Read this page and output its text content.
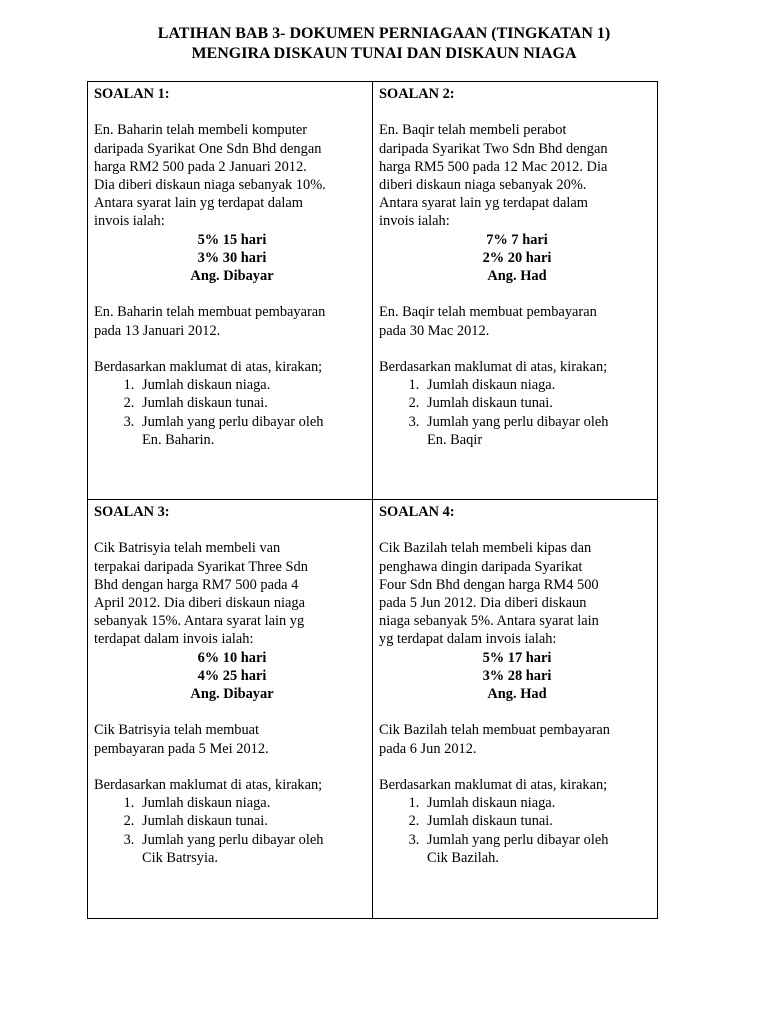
LATIHAN BAB 3- DOKUMEN PERNIAGAAN (TINGKATAN 1)
MENGIRA DISKAUN TUNAI DAN DISKAUN NIAGA
SOALAN 1:
En. Baharin telah membeli komputer
daripada Syarikat One Sdn Bhd dengan
harga RM2 500 pada 2 Januari 2012.
Dia diberi diskaun niaga sebanyak 10%.
Antara syarat lain yg terdapat dalam
invois ialah:
5% 15 hari
3% 30 hari
Ang. Dibayar
En. Baharin telah membuat pembayaran
pada 13 Januari 2012.
Berdasarkan maklumat di atas, kirakan;
1. Jumlah diskaun niaga.
2. Jumlah diskaun tunai.
3. Jumlah yang perlu dibayar oleh
En. Baharin.
SOALAN 2:
En. Baqir telah membeli perabot
daripada Syarikat Two Sdn Bhd dengan
harga RM5 500 pada 12 Mac 2012. Dia
diberi diskaun niaga sebanyak 20%.
Antara syarat lain yg terdapat dalam
invois ialah:
7% 7 hari
2% 20 hari
Ang. Had
En. Baqir telah membuat pembayaran
pada 30 Mac 2012.
Berdasarkan maklumat di atas, kirakan;
1. Jumlah diskaun niaga.
2. Jumlah diskaun tunai.
3. Jumlah yang perlu dibayar oleh
En. Baqir
SOALAN 3:
Cik Batrisyia telah membeli van
terpakai daripada Syarikat Three Sdn
Bhd dengan harga RM7 500 pada 4
April 2012. Dia diberi diskaun niaga
sebanyak 15%. Antara syarat lain yg
terdapat dalam invois ialah:
6% 10 hari
4% 25 hari
Ang. Dibayar
Cik Batrisyia telah membuat
pembayaran pada 5 Mei 2012.
Berdasarkan maklumat di atas, kirakan;
1. Jumlah diskaun niaga.
2. Jumlah diskaun tunai.
3. Jumlah yang perlu dibayar oleh
Cik Batrsyia.
SOALAN 4:
Cik Bazilah telah membeli kipas dan
penghawa dingin daripada Syarikat
Four Sdn Bhd dengan harga RM4 500
pada 5 Jun 2012. Dia diberi diskaun
niaga sebanyak 5%. Antara syarat lain
yg terdapat dalam invois ialah:
5% 17 hari
3% 28 hari
Ang. Had
Cik Bazilah telah membuat pembayaran
pada 6 Jun 2012.
Berdasarkan maklumat di atas, kirakan;
1. Jumlah diskaun niaga.
2. Jumlah diskaun tunai.
3. Jumlah yang perlu dibayar oleh
Cik Bazilah.
